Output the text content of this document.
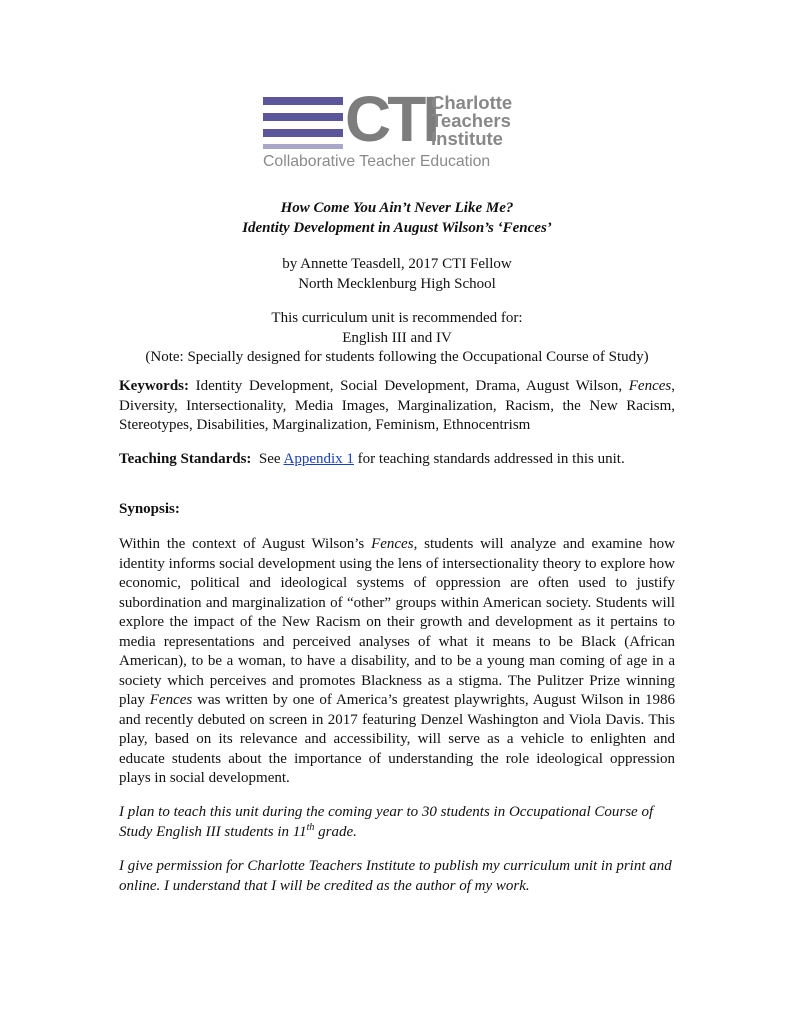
CTI
Charlotte
Teachers
Institute
Collaborative Teacher Education
How Come You Ain’t Never Like Me?
Identity Development in August Wilson’s ‘Fences’
by Annette Teasdell, 2017 CTI Fellow
North Mecklenburg High School
This curriculum unit is recommended for:
English III and IV
(Note: Specially designed for students following the Occupational Course of Study)
Keywords: Identity Development, Social Development, Drama, August Wilson, Fences, Diversity, Intersectionality, Media Images, Marginalization, Racism, the New Racism, Stereotypes, Disabilities, Marginalization, Feminism, Ethnocentrism
Teaching Standards:  See Appendix 1 for teaching standards addressed in this unit.
Synopsis:
Within the context of August Wilson’s Fences, students will analyze and examine how identity informs social development using the lens of intersectionality theory to explore how economic, political and ideological systems of oppression are often used to justify subordination and marginalization of “other” groups within American society. Students will explore the impact of the New Racism on their growth and development as it pertains to media representations and perceived analyses of what it means to be Black (African American), to be a woman, to have a disability, and to be a young man coming of age in a society which perceives and promotes Blackness as a stigma. The Pulitzer Prize winning play Fences was written by one of America’s greatest playwrights, August Wilson in 1986 and recently debuted on screen in 2017 featuring Denzel Washington and Viola Davis. This play, based on its relevance and accessibility, will serve as a vehicle to enlighten and educate students about the importance of understanding the role ideological oppression plays in social development.
I plan to teach this unit during the coming year to 30 students in Occupational Course of Study English III students in 11th grade.
I give permission for Charlotte Teachers Institute to publish my curriculum unit in print and online. I understand that I will be credited as the author of my work.
